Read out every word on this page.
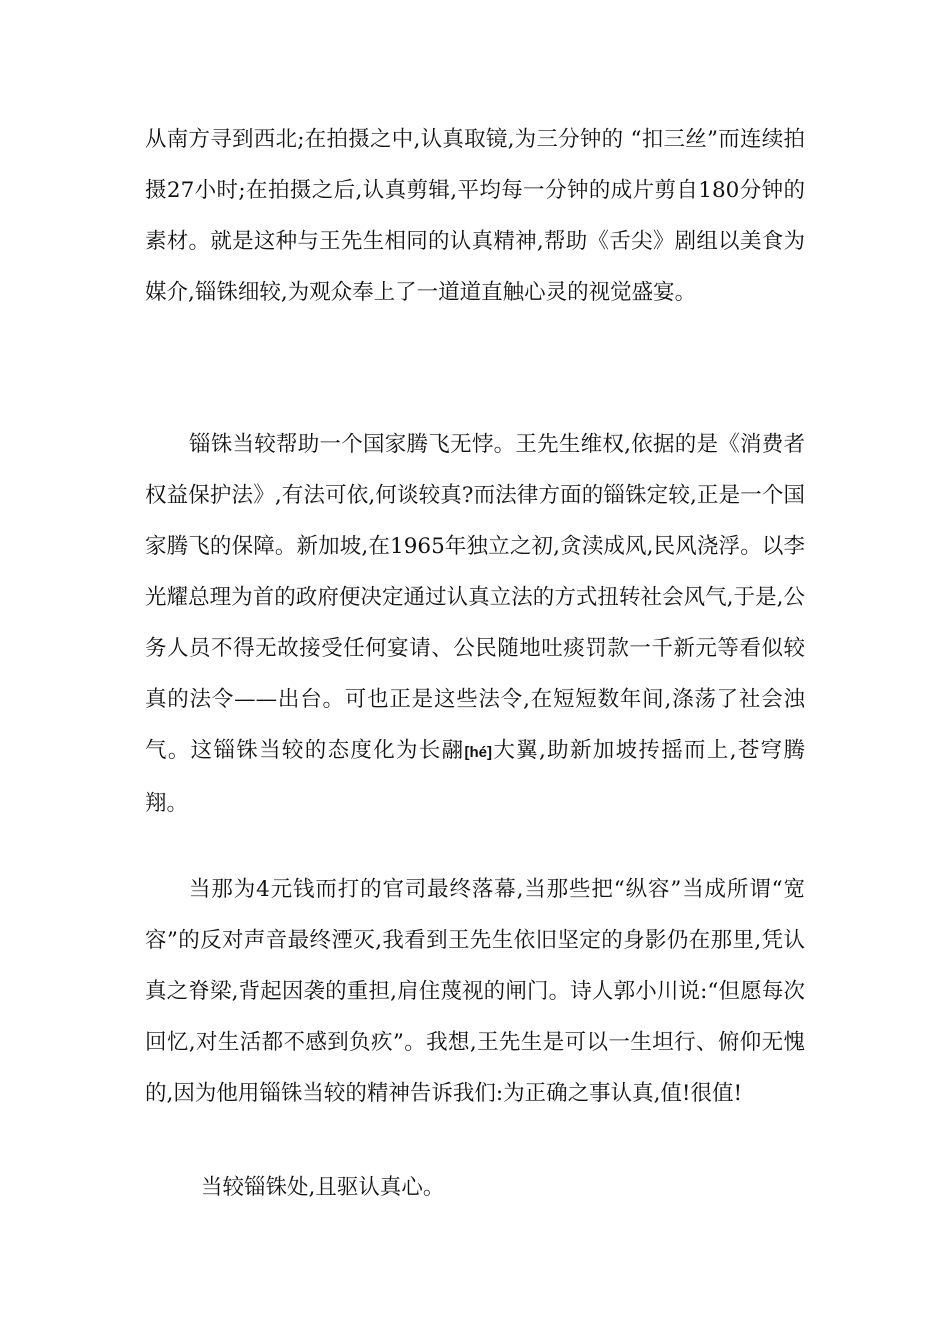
从南方寻到西北;在拍摄之中,认真取镜,为三分钟的 “扣三丝”而连续拍摄27小时;在拍摄之后,认真剪辑,平均每一分钟的成片剪自180分钟的素材。就是这种与王先生相同的认真精神,帮助《舌尖》剧组以美食为媒介,锱铢细较,为观众奉上了一道道直触心灵的视觉盛宴。

锱铢当较帮助一个国家腾飞无悖。王先生维权,依据的是《消费者权益保护法》,有法可依,何谈较真?而法律方面的锱铢定较,正是一个国家腾飞的保障。新加坡,在1965年独立之初,贪渎成风,民风浇浮。以李光耀总理为首的政府便决定通过认真立法的方式扭转社会风气,于是,公务人员不得无故接受任何宴请、公民随地吐痰罚款一千新元等看似较真的法令——出台。可也正是这些法令,在短短数年间,涤荡了社会浊气。这锱铢当较的态度化为长翮[hé]大翼,助新加坡抟摇而上,苍穹腾翔。

当那为4元钱而打的官司最终落幕,当那些把“纵容”当成所谓“宽容”的反对声音最终湮灭,我看到王先生依旧坚定的身影仍在那里,凭认真之脊梁,背起因袭的重担,肩住蔑视的闸门。诗人郭小川说:“但愿每次回忆,对生活都不感到负疚”。我想,王先生是可以一生坦行、俯仰无愧的,因为他用锱铢当较的精神告诉我们:为正确之事认真,值!很值!

当较锱铢处,且驱认真心。
